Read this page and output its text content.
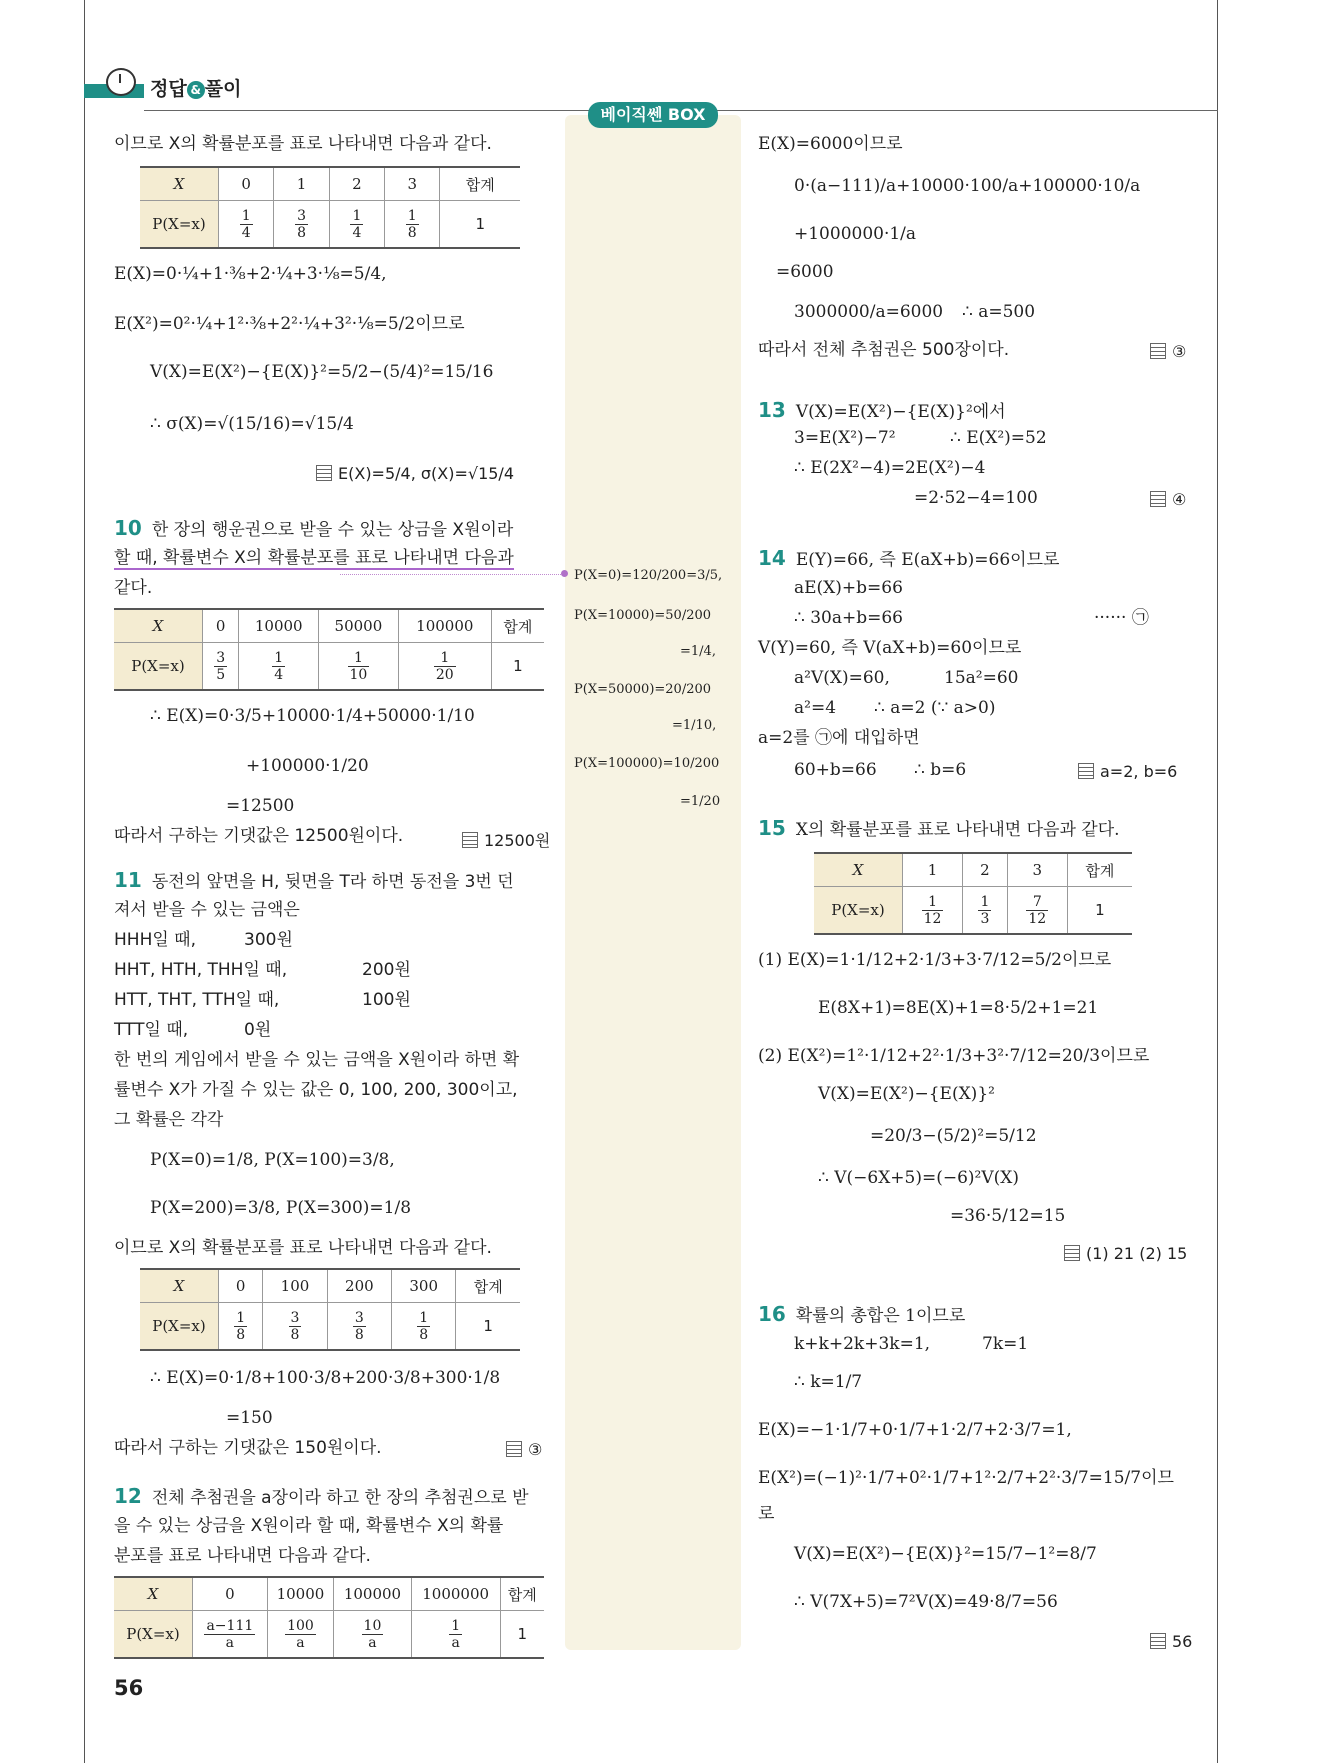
정답 & 풀이
베이직쎈 BOX
이므로 X의 확률분포를 표로 나타내면 다음과 같다.
X	0	1	2	3	합계
P(X=x)	$\frac{1}{4}$	$\frac{3}{8}$	$\frac{1}{4}$	$\frac{1}{8}$	1
E(X)=0·¼+1·⅜+2·¼+3·⅛=5/4,
E(X²)=0²·¼+1²·⅜+2²·¼+3²·⅛=5/2이므로
V(X)=E(X²)−{E(X)}²=5/2−(5/4)²=15/16
∴ σ(X)=√(15/16)=√15/4
E(X)=5/4, σ(X)=√15/4
10 한 장의 행운권으로 받을 수 있는 상금을 X원이라
할 때, 확률변수 X의 확률분포를 표로 나타내면 다음과
같다.
X	0	10000	50000	100000	합계
P(X=x)	$\frac{3}{5}$	$\frac{1}{4}$	$\frac{1}{10}$	$\frac{1}{20}$	1
∴ E(X)=0·3/5+10000·1/4+50000·1/10
+100000·1/20
=12500
따라서 구하는 기댓값은 12500원이다.	12500원
11 동전의 앞면을 H, 뒷면을 T라 하면 동전을 3번 던
져서 받을 수 있는 금액은
HHH일 때,	300원
HHT, HTH, THH일 때,	200원
HTT, THT, TTH일 때,	100원
TTT일 때,	0원
한 번의 게임에서 받을 수 있는 금액을 X원이라 하면 확
률변수 X가 가질 수 있는 값은 0, 100, 200, 300이고,
그 확률은 각각
P(X=0)=1/8, P(X=100)=3/8,
P(X=200)=3/8, P(X=300)=1/8
이므로 X의 확률분포를 표로 나타내면 다음과 같다.
X	0	100	200	300	합계
P(X=x)	$\frac{1}{8}$	$\frac{3}{8}$	$\frac{3}{8}$	$\frac{1}{8}$	1
∴ E(X)=0·1/8+100·3/8+200·3/8+300·1/8
=150
따라서 구하는 기댓값은 150원이다.	③
12 전체 추첨권을 a장이라 하고 한 장의 추첨권으로 받
을 수 있는 상금을 X원이라 할 때, 확률변수 X의 확률
분포를 표로 나타내면 다음과 같다.
X	0	10000	100000	1000000	합계
P(X=x)	$\frac{a-111}{a}$	$\frac{100}{a}$	$\frac{10}{a}$	$\frac{1}{a}$	1
56
P(X=0)=120/200=3/5,
P(X=10000)=50/200
=1/4,
P(X=50000)=20/200
=1/10,
P(X=100000)=10/200
=1/20
E(X)=6000이므로
0·(a−111)/a+10000·100/a+100000·10/a
+1000000·1/a
=6000
3000000/a=6000 ∴ a=500
따라서 전체 추첨권은 500장이다.	③
13 V(X)=E(X²)−{E(X)}²에서
3=E(X²)−7²	∴ E(X²)=52
∴ E(2X²−4)=2E(X²)−4
=2·52−4=100	④
14 E(Y)=66, 즉 E(aX+b)=66이므로
aE(X)+b=66
∴ 30a+b=66	······ ㉠
V(Y)=60, 즉 V(aX+b)=60이므로
a²V(X)=60,	15a²=60
a²=4 ∴ a=2 (∵ a>0)
a=2를 ㉠에 대입하면
60+b=66 ∴ b=6	a=2, b=6
15 X의 확률분포를 표로 나타내면 다음과 같다.
X	1	2	3	합계
P(X=x)	$\frac{1}{12}$	$\frac{1}{3}$	$\frac{7}{12}$	1
(1) E(X)=1·1/12+2·1/3+3·7/12=5/2이므로
E(8X+1)=8E(X)+1=8·5/2+1=21
(2) E(X²)=1²·1/12+2²·1/3+3²·7/12=20/3이므로
V(X)=E(X²)−{E(X)}²
=20/3−(5/2)²=5/12
∴ V(−6X+5)=(−6)²V(X)
=36·5/12=15
(1) 21 (2) 15
16 확률의 총합은 1이므로
k+k+2k+3k=1,	7k=1
∴ k=1/7
E(X)=−1·1/7+0·1/7+1·2/7+2·3/7=1,
E(X²)=(−1)²·1/7+0²·1/7+1²·2/7+2²·3/7=15/7이므
로
V(X)=E(X²)−{E(X)}²=15/7−1²=8/7
∴ V(7X+5)=7²V(X)=49·8/7=56
56
